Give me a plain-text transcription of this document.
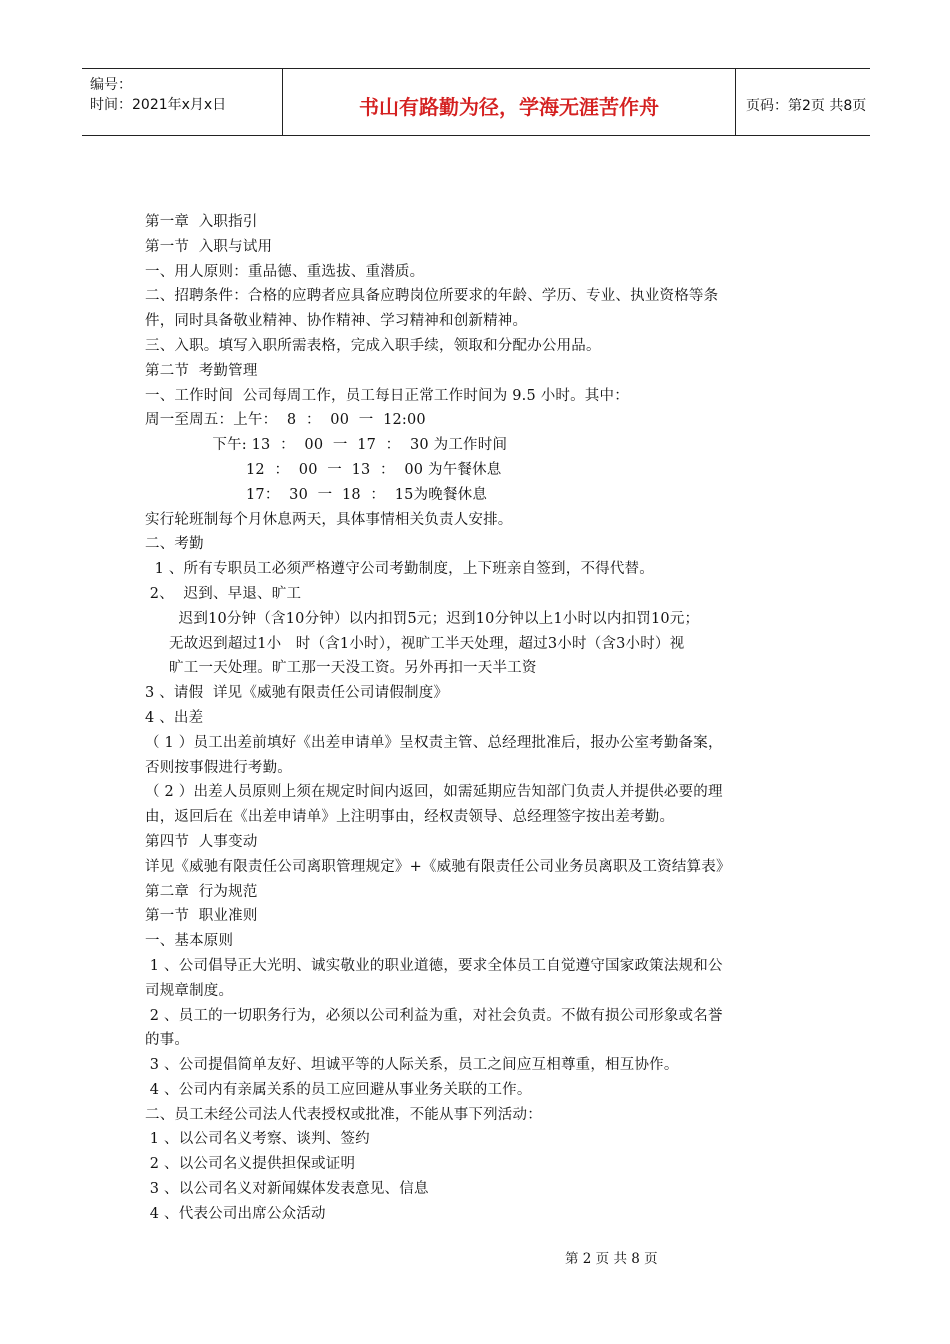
编号：
时间：2021年x月x日	书山有路勤为径，学海无涯苦作舟	页码：第2页 共8页

第一章  入职指引

第一节  入职与试用

一、用人原则：重品德、重选拔、重潜质。

二、招聘条件：合格的应聘者应具备应聘岗位所要求的年龄、学历、专业、执业资格等条

件，同时具备敬业精神、协作精神、学习精神和创新精神。

三、入职。填写入职所需表格，完成入职手续，领取和分配办公用品。

第二节  考勤管理

一、工作时间  公司每周工作，员工每日正常工作时间为 9.5 小时。其中：

周一至周五：上午：  8  ：  00  一  12:00

下午: 13  ：  00  一  17  ：  30 为工作时间

12  ：  00  一  13  ：  00 为午餐休息

17：  30  一  18  ：  15为晚餐休息

实行轮班制每个月休息两天，具体事情相关负责人安排。

二、考勤

1 、所有专职员工必须严格遵守公司考勤制度，上下班亲自签到，不得代替。

2、  迟到、早退、旷工

迟到10分钟（含10分钟）以内扣罚5元；迟到10分钟以上1小时以内扣罚10元；

无故迟到超过1小   时（含1小时），视旷工半天处理，超过3小时（含3小时）视

旷工一天处理。旷工那一天没工资。另外再扣一天半工资

3 、请假  详见《威驰有限责任公司请假制度》

4 、出差

（ 1 ）员工出差前填好《出差申请单》呈权责主管、总经理批准后，报办公室考勤备案，

否则按事假进行考勤。

（ 2 ）出差人员原则上须在规定时间内返回，如需延期应告知部门负责人并提供必要的理

由，返回后在《出差申请单》上注明事由，经权责领导、总经理签字按出差考勤。

第四节  人事变动

详见《威驰有限责任公司离职管理规定》+《威驰有限责任公司业务员离职及工资结算表》

第二章  行为规范

第一节  职业准则

一、基本原则

1 、公司倡导正大光明、诚实敬业的职业道德，要求全体员工自觉遵守国家政策法规和公

司规章制度。

2 、员工的一切职务行为，必须以公司利益为重，对社会负责。不做有损公司形象或名誉

的事。

3 、公司提倡简单友好、坦诚平等的人际关系，员工之间应互相尊重，相互协作。

4 、公司内有亲属关系的员工应回避从事业务关联的工作。

二、员工未经公司法人代表授权或批准，不能从事下列活动：

1 、以公司名义考察、谈判、签约

2 、以公司名义提供担保或证明

3 、以公司名义对新闻媒体发表意见、信息

4 、代表公司出席公众活动

第 2 页 共 8 页
